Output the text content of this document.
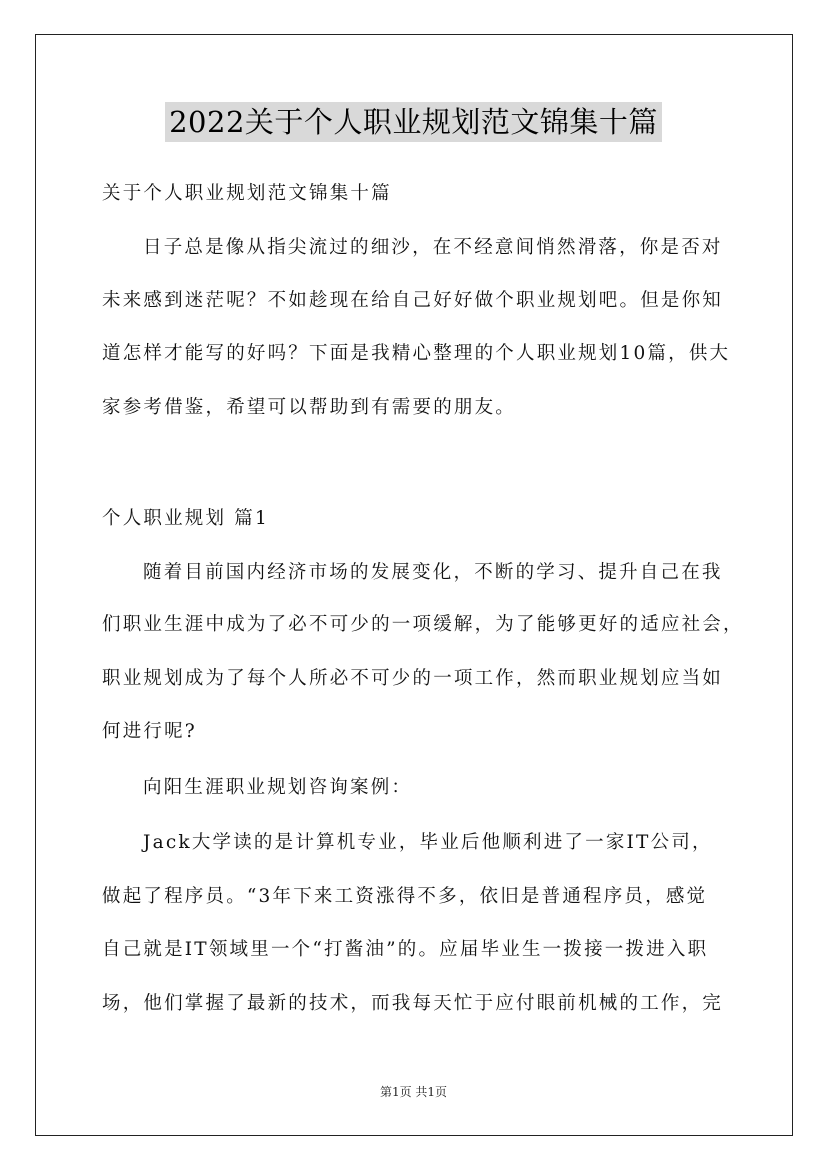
2022关于个人职业规划范文锦集十篇
关于个人职业规划范文锦集十篇
日子总是像从指尖流过的细沙，在不经意间悄然滑落，你是否对
未来感到迷茫呢？不如趁现在给自己好好做个职业规划吧。但是你知
道怎样才能写的好吗？下面是我精心整理的个人职业规划10篇，供大
家参考借鉴，希望可以帮助到有需要的朋友。
个人职业规划 篇1
随着目前国内经济市场的发展变化，不断的学习、提升自己在我
们职业生涯中成为了必不可少的一项缓解，为了能够更好的适应社会，
职业规划成为了每个人所必不可少的一项工作，然而职业规划应当如
何进行呢?
向阳生涯职业规划咨询案例：
Jack大学读的是计算机专业，毕业后他顺利进了一家IT公司，
做起了程序员。“3年下来工资涨得不多，依旧是普通程序员，感觉
自己就是IT领域里一个“打酱油”的。应届毕业生一拨接一拨进入职
场，他们掌握了最新的技术，而我每天忙于应付眼前机械的工作，完
第1页 共1页
